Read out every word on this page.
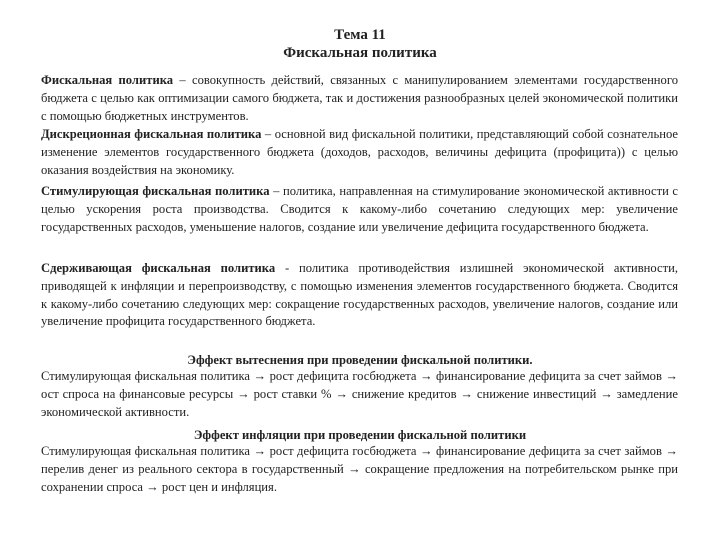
Тема 11
Фискальная политика
Фискальная политика – совокупность действий, связанных с манипулированием элементами государственного бюджета с целью как оптимизации самого бюджета, так и достижения разнообразных целей экономической политики с помощью бюджетных инструментов.
Дискреционная фискальная политика – основной вид фискальной политики, представляющий собой сознательное изменение элементов государственного бюджета (доходов, расходов, величины дефицита (профицита)) с целью оказания воздействия на экономику.
Стимулирующая фискальная политика – политика, направленная на стимулирование экономической активности с целью ускорения роста производства. Сводится к какому-либо сочетанию следующих мер: увеличение государственных расходов, уменьшение налогов, создание или увеличение дефицита государственного бюджета.
Сдерживающая фискальная политика - политика противодействия излишней экономической активности, приводящей к инфляции и перепроизводству, с помощью изменения элементов государственного бюджета. Сводится к какому-либо сочетанию следующих мер: сокращение государственных расходов, увеличение налогов, создание или увеличение профицита государственного бюджета.
Эффект вытеснения при проведении фискальной политики.
Стимулирующая фискальная политика → рост дефицита госбюджета → финансирование дефицита за счет займов → ост спроса на финансовые ресурсы → рост ставки % → снижение кредитов → снижение инвестиций → замедление экономической активности.
Эффект инфляции при проведении фискальной политики
Стимулирующая фискальная политика → рост дефицита госбюджета → финансирование дефицита за счет займов → перелив денег из реального сектора в государственный → сокращение предложения на потребительском рынке при сохранении спроса → рост цен и инфляция.
